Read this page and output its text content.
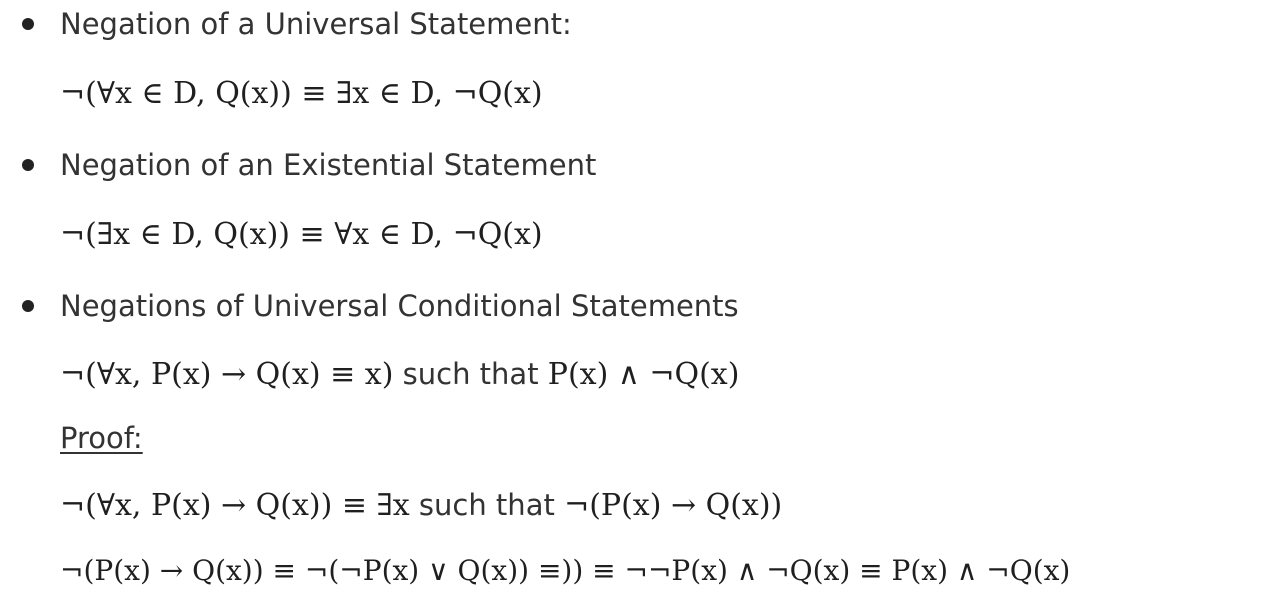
Negation of a Universal Statement:
¬(∀x ∈ D, Q(x)) ≡ ∃x ∈ D, ¬Q(x)
Negation of an Existential Statement
¬(∃x ∈ D, Q(x)) ≡ ∀x ∈ D, ¬Q(x)
Negations of Universal Conditional Statements
¬(∀x, P(x) → Q(x) ≡ x) such that P(x) ∧ ¬Q(x)
Proof:
¬(∀x, P(x) → Q(x)) ≡ ∃x such that ¬(P(x) → Q(x))
¬(P(x) → Q(x)) ≡ ¬(¬P(x) ∨ Q(x)) ≡)) ≡ ¬¬P(x) ∧ ¬Q(x) ≡ P(x) ∧ ¬Q(x)
